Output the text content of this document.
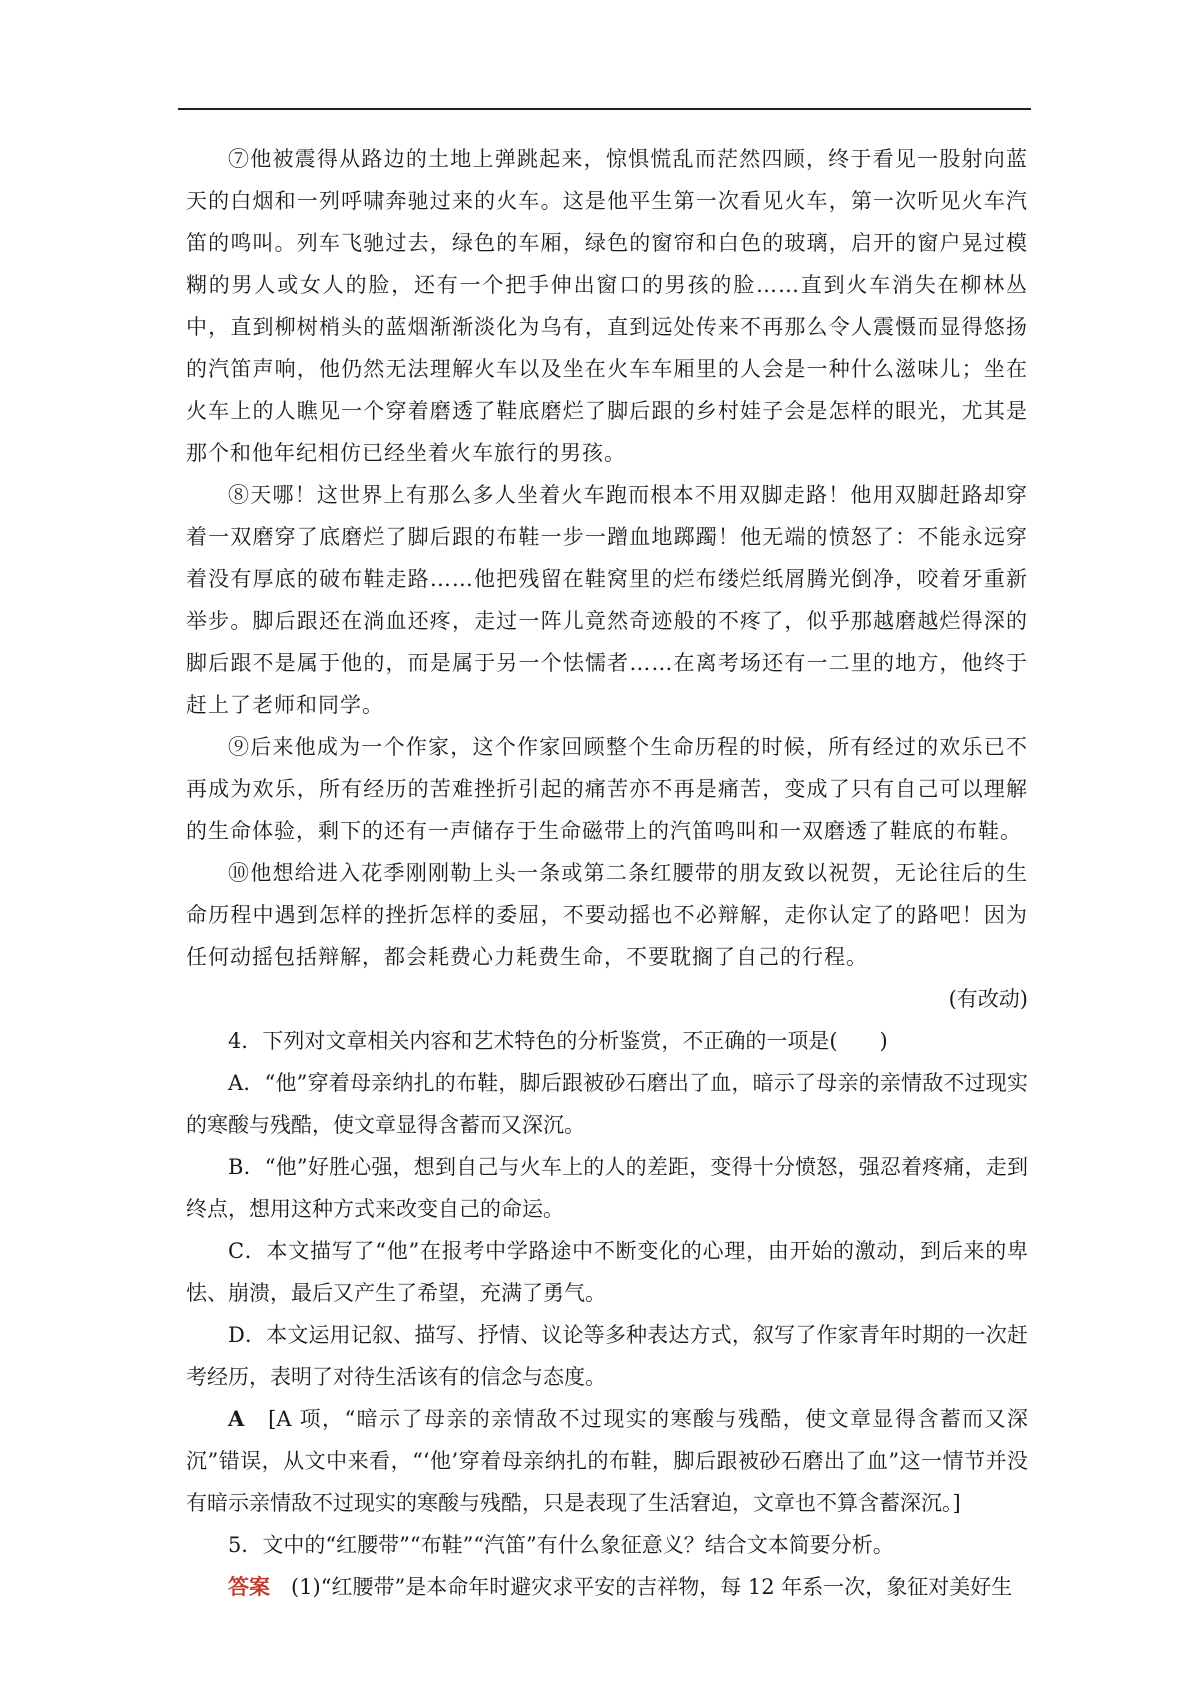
⑦他被震得从路边的土地上弹跳起来，惊惧慌乱而茫然四顾，终于看见一股射向蓝天的白烟和一列呼啸奔驰过来的火车。这是他平生第一次看见火车，第一次听见火车汽笛的鸣叫。列车飞驰过去，绿色的车厢，绿色的窗帘和白色的玻璃，启开的窗户晃过模糊的男人或女人的脸，还有一个把手伸出窗口的男孩的脸……直到火车消失在柳林丛中，直到柳树梢头的蓝烟渐渐淡化为乌有，直到远处传来不再那么令人震慑而显得悠扬的汽笛声响，他仍然无法理解火车以及坐在火车车厢里的人会是一种什么滋味儿；坐在火车上的人瞧见一个穿着磨透了鞋底磨烂了脚后跟的乡村娃子会是怎样的眼光，尤其是那个和他年纪相仿已经坐着火车旅行的男孩。

⑧天哪！这世界上有那么多人坐着火车跑而根本不用双脚走路！他用双脚赶路却穿着一双磨穿了底磨烂了脚后跟的布鞋一步一蹭血地踯躅！他无端的愤怒了：不能永远穿着没有厚底的破布鞋走路……他把残留在鞋窝里的烂布缕烂纸屑腾光倒净，咬着牙重新举步。脚后跟还在淌血还疼，走过一阵儿竟然奇迹般的不疼了，似乎那越磨越烂得深的脚后跟不是属于他的，而是属于另一个怯懦者……在离考场还有一二里的地方，他终于赶上了老师和同学。

⑨后来他成为一个作家，这个作家回顾整个生命历程的时候，所有经过的欢乐已不再成为欢乐，所有经历的苦难挫折引起的痛苦亦不再是痛苦，变成了只有自己可以理解的生命体验，剩下的还有一声储存于生命磁带上的汽笛鸣叫和一双磨透了鞋底的布鞋。

⑩他想给进入花季刚刚勒上头一条或第二条红腰带的朋友致以祝贺，无论往后的生命历程中遇到怎样的挫折怎样的委屈，不要动摇也不必辩解，走你认定了的路吧！因为任何动摇包括辩解，都会耗费心力耗费生命，不要耽搁了自己的行程。

(有改动)

4．下列对文章相关内容和艺术特色的分析鉴赏，不正确的一项是(　　)

A．“他”穿着母亲纳扎的布鞋，脚后跟被砂石磨出了血，暗示了母亲的亲情敌不过现实的寒酸与残酷，使文章显得含蓄而又深沉。

B．“他”好胜心强，想到自己与火车上的人的差距，变得十分愤怒，强忍着疼痛，走到终点，想用这种方式来改变自己的命运。

C．本文描写了“他”在报考中学路途中不断变化的心理，由开始的激动，到后来的卑怯、崩溃，最后又产生了希望，充满了勇气。

D．本文运用记叙、描写、抒情、议论等多种表达方式，叙写了作家青年时期的一次赶考经历，表明了对待生活该有的信念与态度。

A　 [A 项，“暗示了母亲的亲情敌不过现实的寒酸与残酷，使文章显得含蓄而又深沉”错误，从文中来看，“‘他’穿着母亲纳扎的布鞋，脚后跟被砂石磨出了血”这一情节并没有暗示亲情敌不过现实的寒酸与残酷，只是表现了生活窘迫，文章也不算含蓄深沉。]

5．文中的“红腰带”“布鞋”“汽笛”有什么象征意义？结合文本简要分析。

答案　 (1)“红腰带”是本命年时避灾求平安的吉祥物，每 12 年系一次，象征对美好生
